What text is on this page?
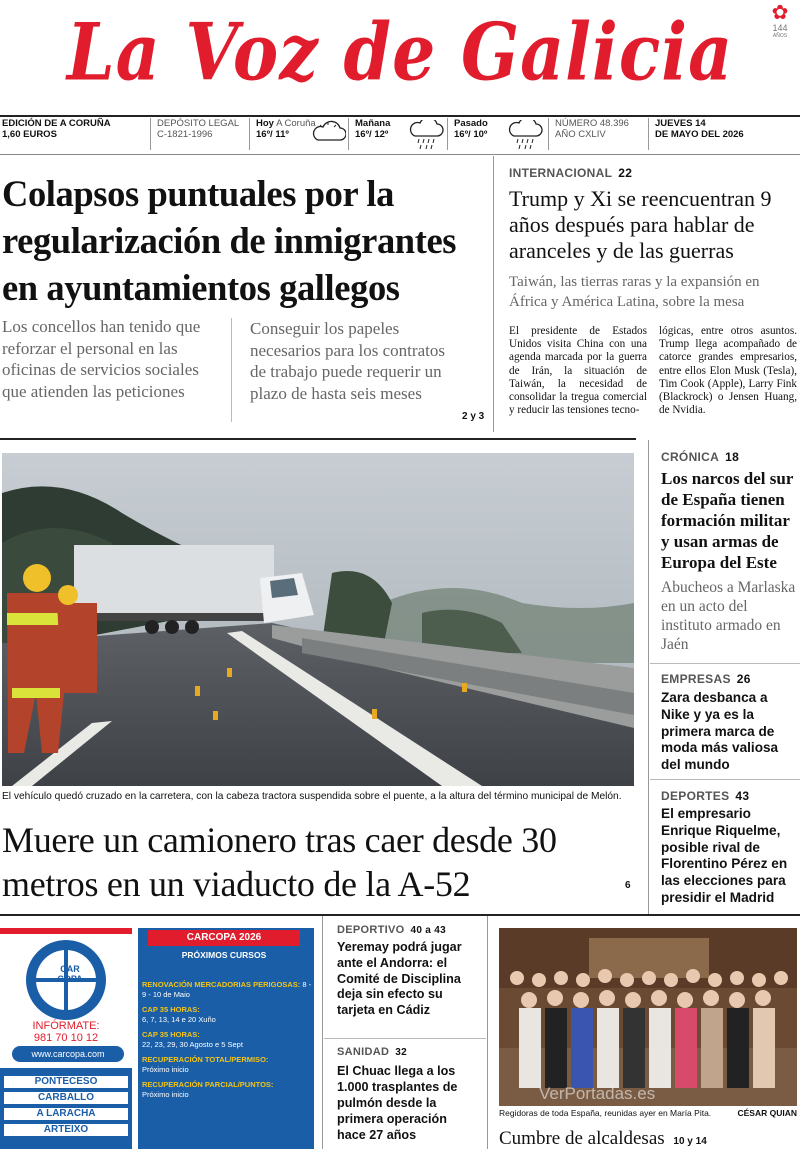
La Voz de Galicia	✿
144
AÑOS
EDICIÓN DE A CORUÑA
1,60 EUROS
DEPÓSITO LEGAL
C-1821-1996
Hoy A Coruña
16º/ 11º
Mañana
16º/ 12º
Pasado
16º/ 10º
NÚMERO 48.396
AÑO CXLIV
JUEVES 14
DE MAYO DEL 2026
Colapsos puntuales por la regularización de inmigrantes en ayuntamientos gallegos
Los concellos han tenido que reforzar el personal en las oficinas de servicios sociales que atienden las peticiones
Conseguir los papeles necesarios para los contratos de trabajo puede requerir un plazo de hasta seis meses
2 y 3
INTERNACIONAL 22
Trump y Xi se reencuentran 9 años después para hablar de aranceles y de las guerras
Taiwán, las tierras raras y la expansión en África y América Latina, sobre la mesa
El presidente de Estados Unidos visita China con una agenda marcada por la guerra de Irán, la situación de Taiwán, la necesidad de consolidar la tregua comercial y reducir las tensiones tecno-
lógicas, entre otros asuntos. Trump llega acompañado de catorce grandes empresarios, entre ellos Elon Musk (Tesla), Tim Cook (Apple), Larry Fink (Blackrock) o Jensen Huang, de Nvidia.
El vehículo quedó cruzado en la carretera, con la cabeza tractora suspendida sobre el puente, a la altura del término municipal de Melón.
Muere un camionero tras caer desde 30 metros en un viaducto de la A-52	6
CRÓNICA 18
Los narcos del sur de España tienen formación militar y usan armas de Europa del Este
Abucheos a Marlaska en un acto del instituto armado en Jaén
EMPRESAS 26
Zara desbanca a Nike y ya es la primera marca de moda más valiosa del mundo
DEPORTES 43
El empresario Enrique Riquelme, posible rival de Florentino Pérez en las elecciones para presidir el Madrid
CAR COPA
INFÓRMATE:
981 70 10 12
www.carcopa.com
PONTECESO
CARBALLO
A LARACHA
ARTEIXO
CARCOPA 2026
PRÓXIMOS CURSOS
RENOVACIÓN MERCADORIAS PERIGOSAS: 8 - 9 - 10 de Maio
CAP 35 HORAS:
6, 7, 13, 14 e 20 Xuño
CAP 35 HORAS:
22, 23, 29, 30 Agosto e 5 Sept
RECUPERACIÓN TOTAL/PERMISO:
Próximo inicio
RECUPERACIÓN PARCIAL/PUNTOS:
Próximo inicio
DEPORTIVO 40 a 43
Yeremay podrá jugar ante el Andorra: el Comité de Disciplina deja sin efecto su tarjeta en Cádiz
SANIDAD 32
El Chuac llega a los 1.000 trasplantes de pulmón desde la primera operación hace 27 años
VerPortadas.es
Regidoras de toda España, reunidas ayer en María Pita.	CÉSAR QUIAN
Cumbre de alcaldesas 10 y 14
